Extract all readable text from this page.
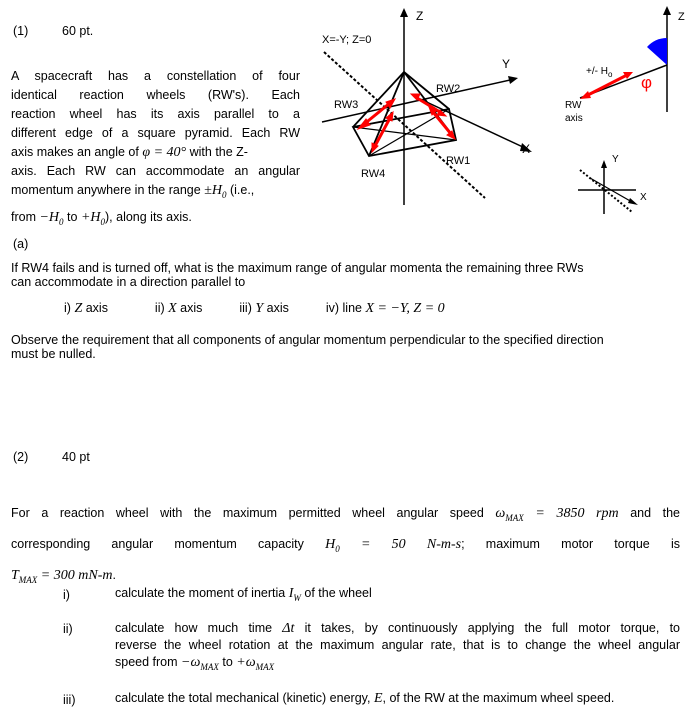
(1)	60 pt.
A spacecraft has a constellation of four
identical reaction wheels (RW's). Each
reaction wheel has its axis parallel to a
different edge of a square pyramid. Each RW
axis makes an angle of φ = 40° with the Z-
axis. Each RW can accommodate an angular
momentum anywhere in the range $\pm H_0$ (i.e.,
from $-H_0$ to $+H_0$), along its axis.
Z
Y
X
X=-Y; Z=0
RW3
RW2
RW1
RW4
Z
+/- $H_o$ φ
RW
axis
Y
X
(a)
If RW4 fails and is turned off, what is the maximum range of angular momenta the remaining three RWs
can accommodate in a direction parallel to
i) Z axis	ii) X axis	iii) Y axis	iv) line X = −Y, Z = 0
Observe the requirement that all components of angular momentum perpendicular to the specified direction
must be nulled.
(2)	40 pt
For a reaction wheel with the maximum permitted wheel angular speed $\omega_{MAX} = 3850$ rpm and the
corresponding angular momentum capacity $H_0 = 50$ N-m-s; maximum motor torque is
$T_{MAX} = 300$ mN-m.
i)	calculate the moment of inertia $I_W$ of the wheel
ii)	calculate how much time Δt it takes, by continuously applying the full motor torque, to
reverse the wheel rotation at the maximum angular rate, that is to change the wheel angular
speed from $-\omega_{MAX}$ to $+\omega_{MAX}$
iii)	calculate the total mechanical (kinetic) energy, E, of the RW at the maximum wheel speed.
